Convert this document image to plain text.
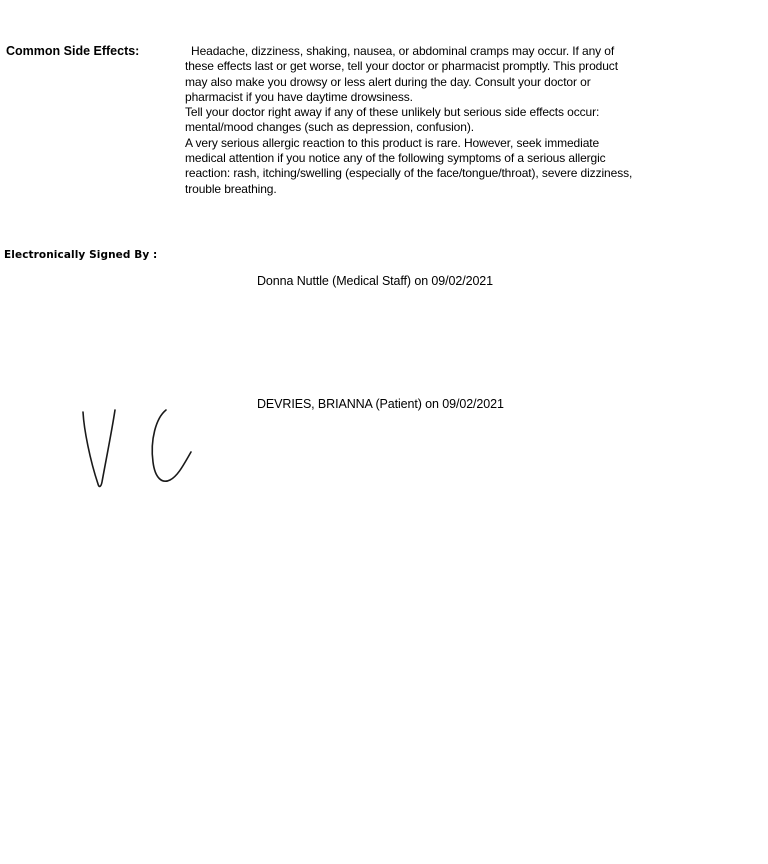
Common Side Effects:	Headache, dizziness, shaking, nausea, or abdominal cramps may occur. If any of these effects last or get worse, tell your doctor or pharmacist promptly. This product may also make you drowsy or less alert during the day. Consult your doctor or pharmacist if you have daytime drowsiness.

Tell your doctor right away if any of these unlikely but serious side effects occur: mental/mood changes (such as depression, confusion).

A very serious allergic reaction to this product is rare. However, seek immediate medical attention if you notice any of the following symptoms of a serious allergic reaction: rash, itching/swelling (especially of the face/tongue/throat), severe dizziness, trouble breathing.

Electronically Signed By :
Donna Nuttle (Medical Staff) on 09/02/2021
DEVRIES, BRIANNA (Patient) on 09/02/2021
